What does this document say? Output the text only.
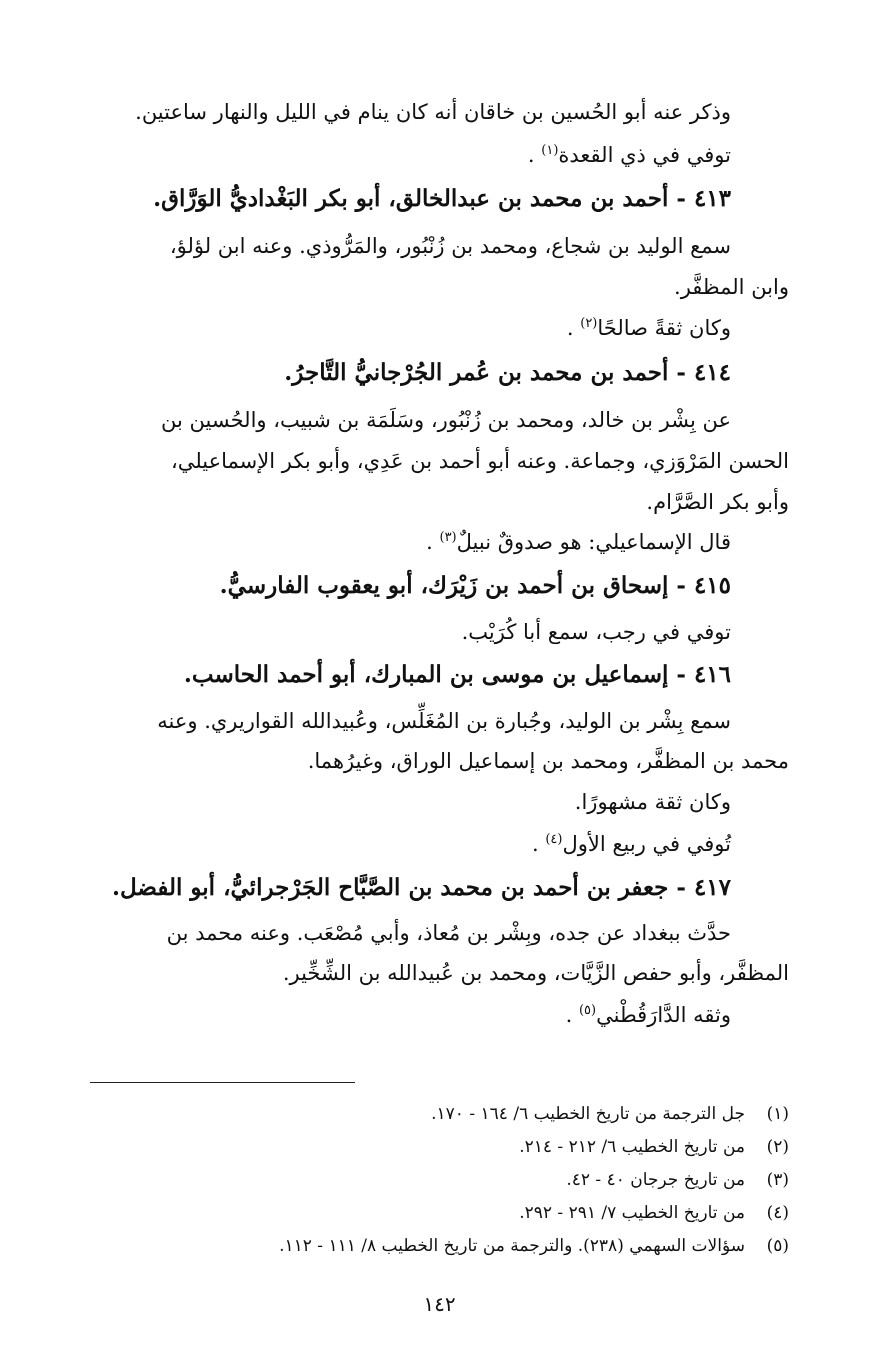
وذكر عنه أبو الحُسين بن خاقان أنه كان ينام في الليل والنهار ساعتين.
توفي في ذي القعدة$^{(١)}$ .
٤١٣ - أحمد بن محمد بن عبدالخالق، أبو بكر البَغْداديُّ الوَرَّاق.
سمع الوليد بن شجاع، ومحمد بن زُنْبُور، والمَرُّوذي. وعنه ابن لؤلؤ،
وابن المظفَّر.
وكان ثقةً صالحًا$^{(٢)}$ .
٤١٤ - أحمد بن محمد بن عُمر الجُرْجانيُّ التَّاجرُ.
عن بِشْر بن خالد، ومحمد بن زُنْبُور، وسَلَمَة بن شبيب، والحُسين بن
الحسن المَرْوَزي، وجماعة. وعنه أبو أحمد بن عَدِي، وأبو بكر الإسماعيلي،
وأبو بكر الصَّرَّام.
قال الإسماعيلي: هو صدوقٌ نبيلٌ$^{(٣)}$ .
٤١٥ - إسحاق بن أحمد بن زَيْرَك، أبو يعقوب الفارسيُّ.
توفي في رجب، سمع أبا كُرَيْب.
٤١٦ - إسماعيل بن موسى بن المبارك، أبو أحمد الحاسب.
سمع بِشْر بن الوليد، وجُبارة بن المُغَلِّس، وعُبيدالله القواريري. وعنه
محمد بن المظفَّر، ومحمد بن إسماعيل الوراق، وغيرُهما.
وكان ثقة مشهورًا.
تُوفي في ربيع الأول$^{(٤)}$ .
٤١٧ - جعفر بن أحمد بن محمد بن الصَّبَّاح الجَرْجرائيُّ، أبو الفضل.
حدَّث ببغداد عن جده، وبِشْر بن مُعاذ، وأبي مُصْعَب. وعنه محمد بن
المظفَّر، وأبو حفص الزَّيَّات، ومحمد بن عُبيدالله بن الشِّخِّير.
وثقه الدَّارَقُطْني$^{(٥)}$ .
(١)جل الترجمة من تاريخ الخطيب ٦/ ١٦٤ - ١٧٠.
(٢)من تاريخ الخطيب ٦/ ٢١٢ - ٢١٤.
(٣)من تاريخ جرجان ٤٠ - ٤٢.
(٤)من تاريخ الخطيب ٧/ ٢٩١ - ٢٩٢.
(٥)سؤالات السهمي (٢٣٨). والترجمة من تاريخ الخطيب ٨/ ١١١ - ١١٢.
١٤٢
